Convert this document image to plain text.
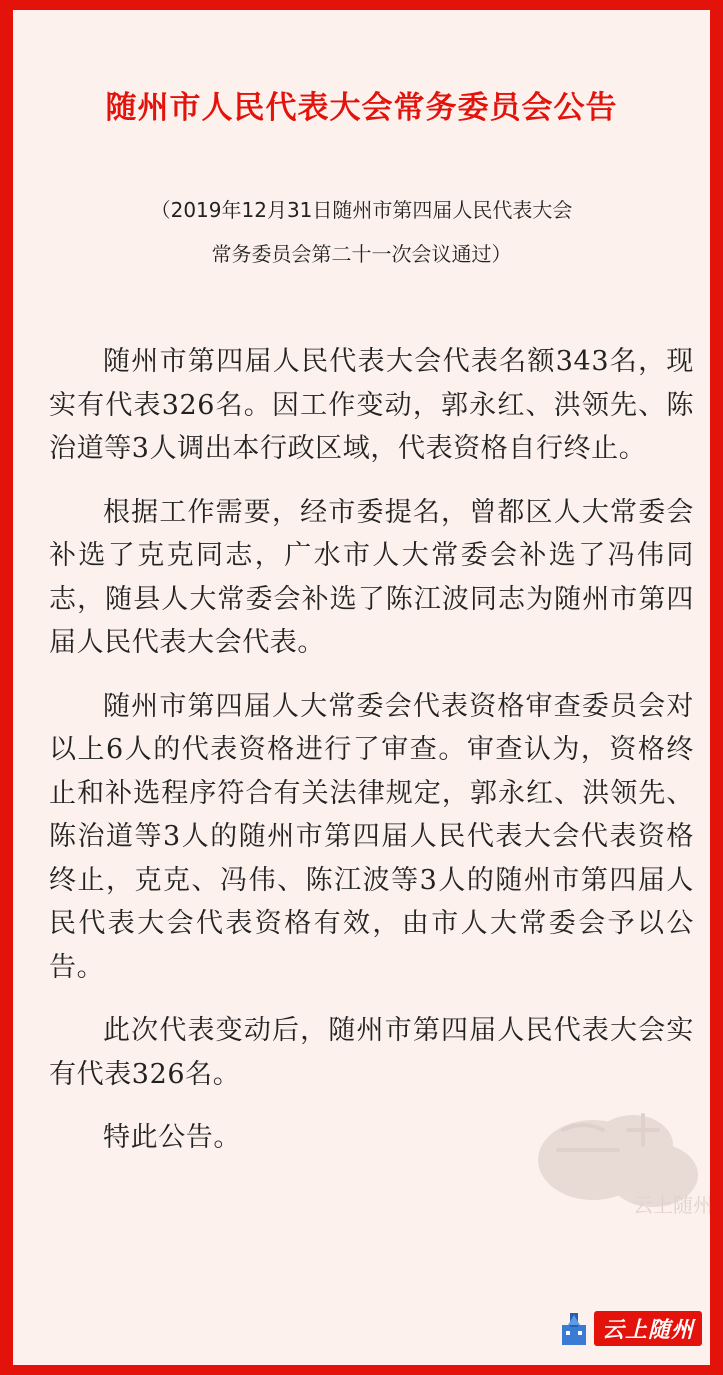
随州市人民代表大会常务委员会公告
（2019年12月31日随州市第四届人民代表大会
常务委员会第二十一次会议通过）

随州市第四届人民代表大会代表名额343名，现实有代表326名。因工作变动，郭永红、洪领先、陈治道等3人调出本行政区域，代表资格自行终止。

根据工作需要，经市委提名，曾都区人大常委会补选了克克同志，广水市人大常委会补选了冯伟同志，随县人大常委会补选了陈江波同志为随州市第四届人民代表大会代表。

随州市第四届人大常委会代表资格审查委员会对以上6人的代表资格进行了审查。审查认为，资格终止和补选程序符合有关法律规定，郭永红、洪领先、陈治道等3人的随州市第四届人民代表大会代表资格终止，克克、冯伟、陈江波等3人的随州市第四届人民代表大会代表资格有效，由市人大常委会予以公告。

此次代表变动后，随州市第四届人民代表大会实有代表326名。

特此公告。

云上随州
云上随州
